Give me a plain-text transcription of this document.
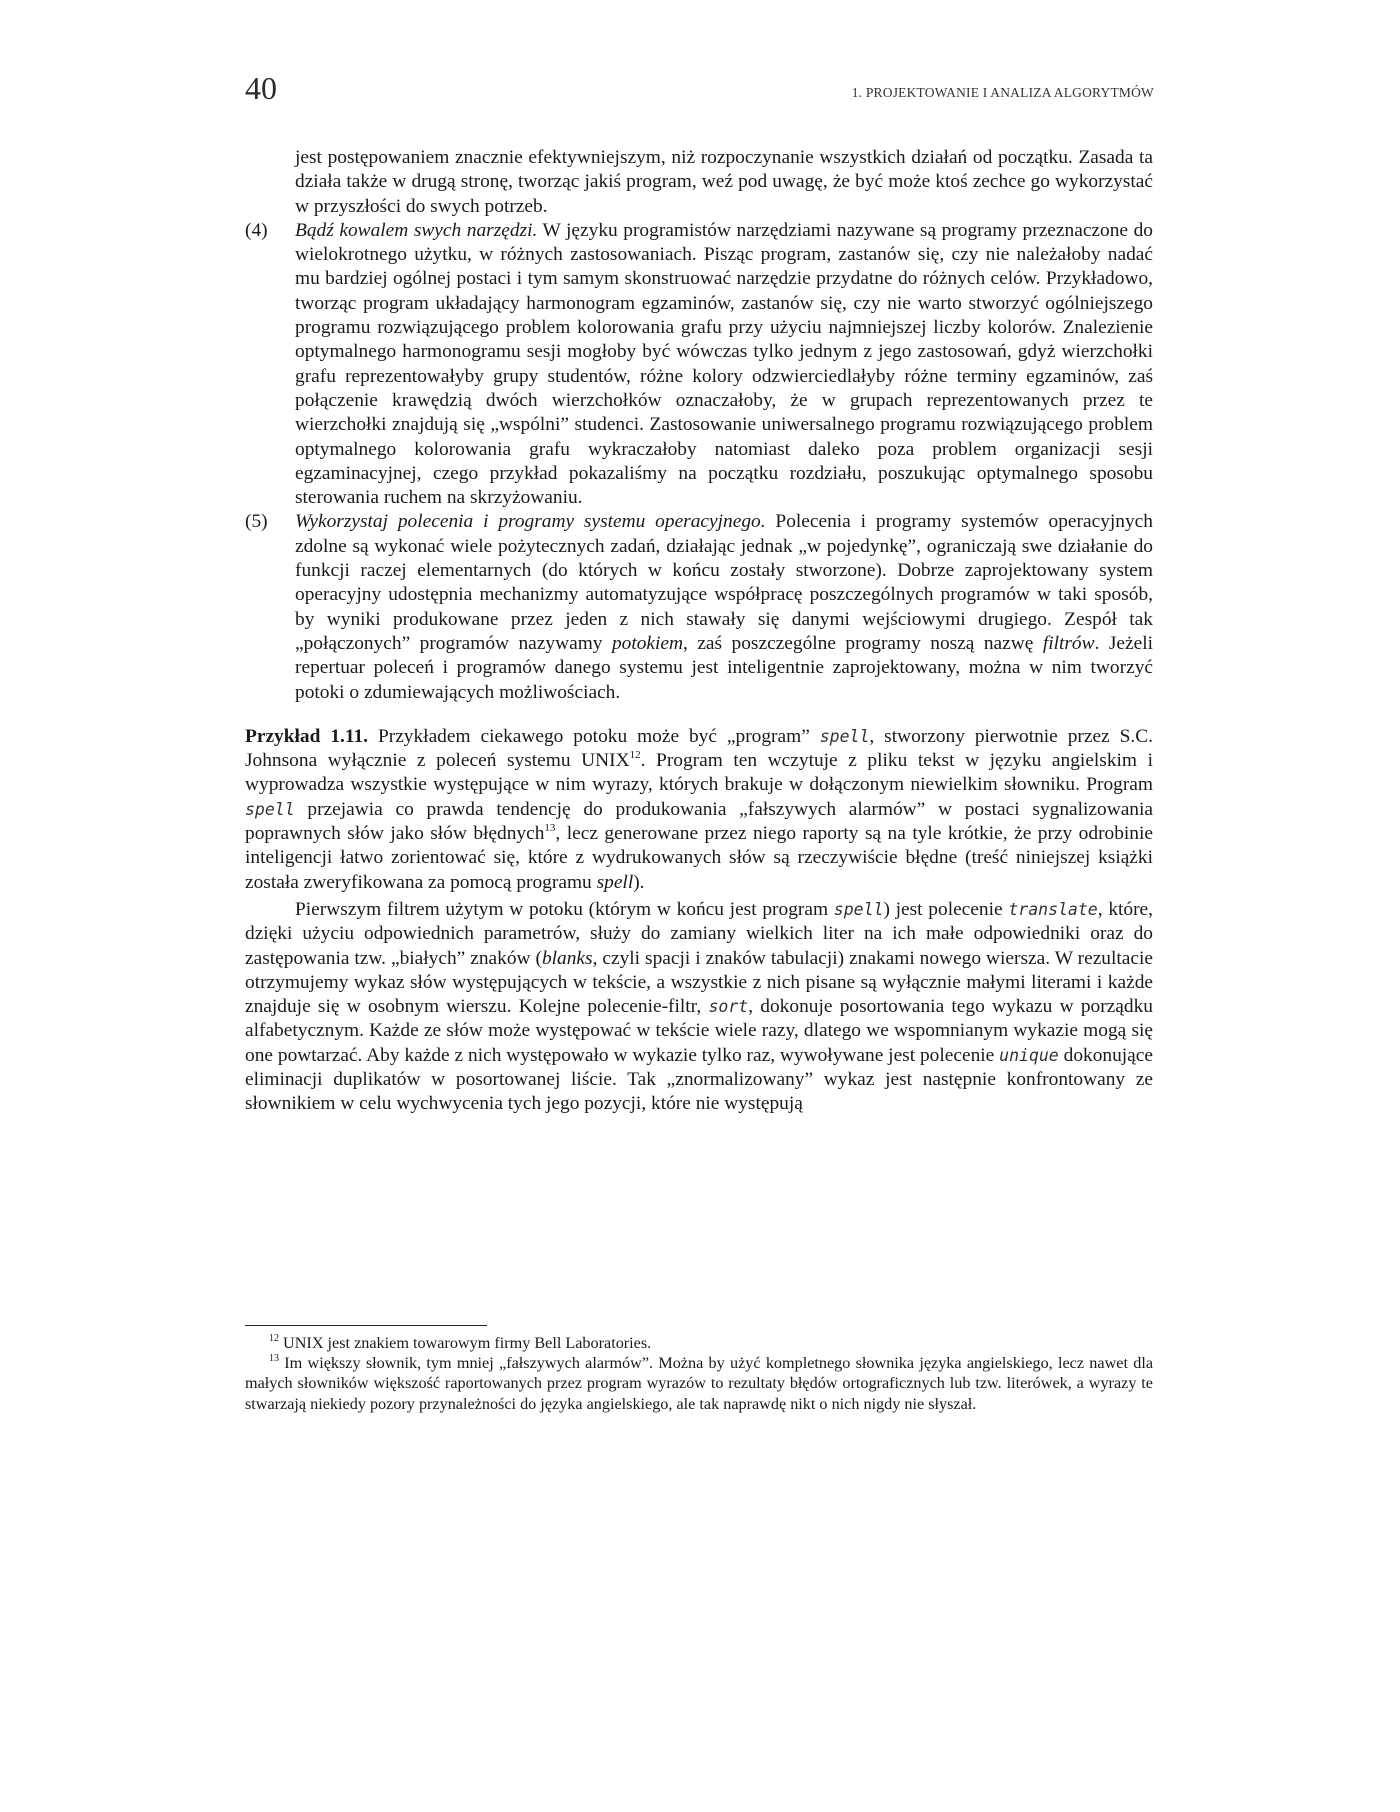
40	1. PROJEKTOWANIE I ANALIZA ALGORYTMÓW

jest postępowaniem znacznie efektywniejszym, niż rozpoczynanie wszystkich działań od początku. Zasada ta działa także w drugą stronę, tworząc jakiś program, weź pod uwagę, że być może ktoś zechce go wykorzystać w przyszłości do swych potrzeb.

(4) Bądź kowalem swych narzędzi. W języku programistów narzędziami nazywane są programy przeznaczone do wielokrotnego użytku, w różnych zastosowaniach. Pisząc program, zastanów się, czy nie należałoby nadać mu bardziej ogólnej postaci i tym samym skonstruować narzędzie przydatne do różnych celów. Przykładowo, tworząc program układający harmonogram egzaminów, zastanów się, czy nie warto stworzyć ogólniejszego programu rozwiązującego problem kolorowania grafu przy użyciu najmniejszej liczby kolorów. Znalezienie optymalnego harmonogramu sesji mogłoby być wówczas tylko jednym z jego zastosowań, gdyż wierzchołki grafu reprezentowałyby grupy studentów, różne kolory odzwierciedlałyby różne terminy egzaminów, zaś połączenie krawędzią dwóch wierzchołków oznaczałoby, że w grupach reprezentowanych przez te wierzchołki znajdują się „wspólni” studenci. Zastosowanie uniwersalnego programu rozwiązującego problem optymalnego kolorowania grafu wykraczałoby natomiast daleko poza problem organizacji sesji egzaminacyjnej, czego przykład pokazaliśmy na początku rozdziału, poszukując optymalnego sposobu sterowania ruchem na skrzyżowaniu.

(5) Wykorzystaj polecenia i programy systemu operacyjnego. Polecenia i programy systemów operacyjnych zdolne są wykonać wiele pożytecznych zadań, działając jednak „w pojedynkę”, ograniczają swe działanie do funkcji raczej elementarnych (do których w końcu zostały stworzone). Dobrze zaprojektowany system operacyjny udostępnia mechanizmy automatyzujące współpracę poszczególnych programów w taki sposób, by wyniki produkowane przez jeden z nich stawały się danymi wejściowymi drugiego. Zespół tak „połączonych” programów nazywamy potokiem, zaś poszczególne programy noszą nazwę filtrów. Jeżeli repertuar poleceń i programów danego systemu jest inteligentnie zaprojektowany, można w nim tworzyć potoki o zdumiewających możliwościach.

Przykład 1.11. Przykładem ciekawego potoku może być „program” spell, stworzony pierwotnie przez S.C. Johnsona wyłącznie z poleceń systemu UNIX$^{12}$. Program ten wczytuje z pliku tekst w języku angielskim i wyprowadza wszystkie występujące w nim wyrazy, których brakuje w dołączonym niewielkim słowniku. Program spell przejawia co prawda tendencję do produkowania „fałszywych alarmów” w postaci sygnalizowania poprawnych słów jako słów błędnych$^{13}$, lecz generowane przez niego raporty są na tyle krótkie, że przy odrobinie inteligencji łatwo zorientować się, które z wydrukowanych słów są rzeczywiście błędne (treść niniejszej książki została zweryfikowana za pomocą programu spell).

Pierwszym filtrem użytym w potoku (którym w końcu jest program spell) jest polecenie translate, które, dzięki użyciu odpowiednich parametrów, służy do zamiany wielkich liter na ich małe odpowiedniki oraz do zastępowania tzw. „białych” znaków (blanks, czyli spacji i znaków tabulacji) znakami nowego wiersza. W rezultacie otrzymujemy wykaz słów występujących w tekście, a wszystkie z nich pisane są wyłącznie małymi literami i każde znajduje się w osobnym wierszu. Kolejne polecenie-filtr, sort, dokonuje posortowania tego wykazu w porządku alfabetycznym. Każde ze słów może występować w tekście wiele razy, dlatego we wspomnianym wykazie mogą się one powtarzać. Aby każde z nich występowało w wykazie tylko raz, wywoływane jest polecenie unique dokonujące eliminacji duplikatów w posortowanej liście. Tak „znormalizowany” wykaz jest następnie konfrontowany ze słownikiem w celu wychwycenia tych jego pozycji, które nie występują

$^{12}$ UNIX jest znakiem towarowym firmy Bell Laboratories.

$^{13}$ Im większy słownik, tym mniej „fałszywych alarmów”. Można by użyć kompletnego słownika języka angielskiego, lecz nawet dla małych słowników większość raportowanych przez program wyrazów to rezultaty błędów ortograficznych lub tzw. literówek, a wyrazy te stwarzają niekiedy pozory przynależności do języka angielskiego, ale tak naprawdę nikt o nich nigdy nie słyszał.
